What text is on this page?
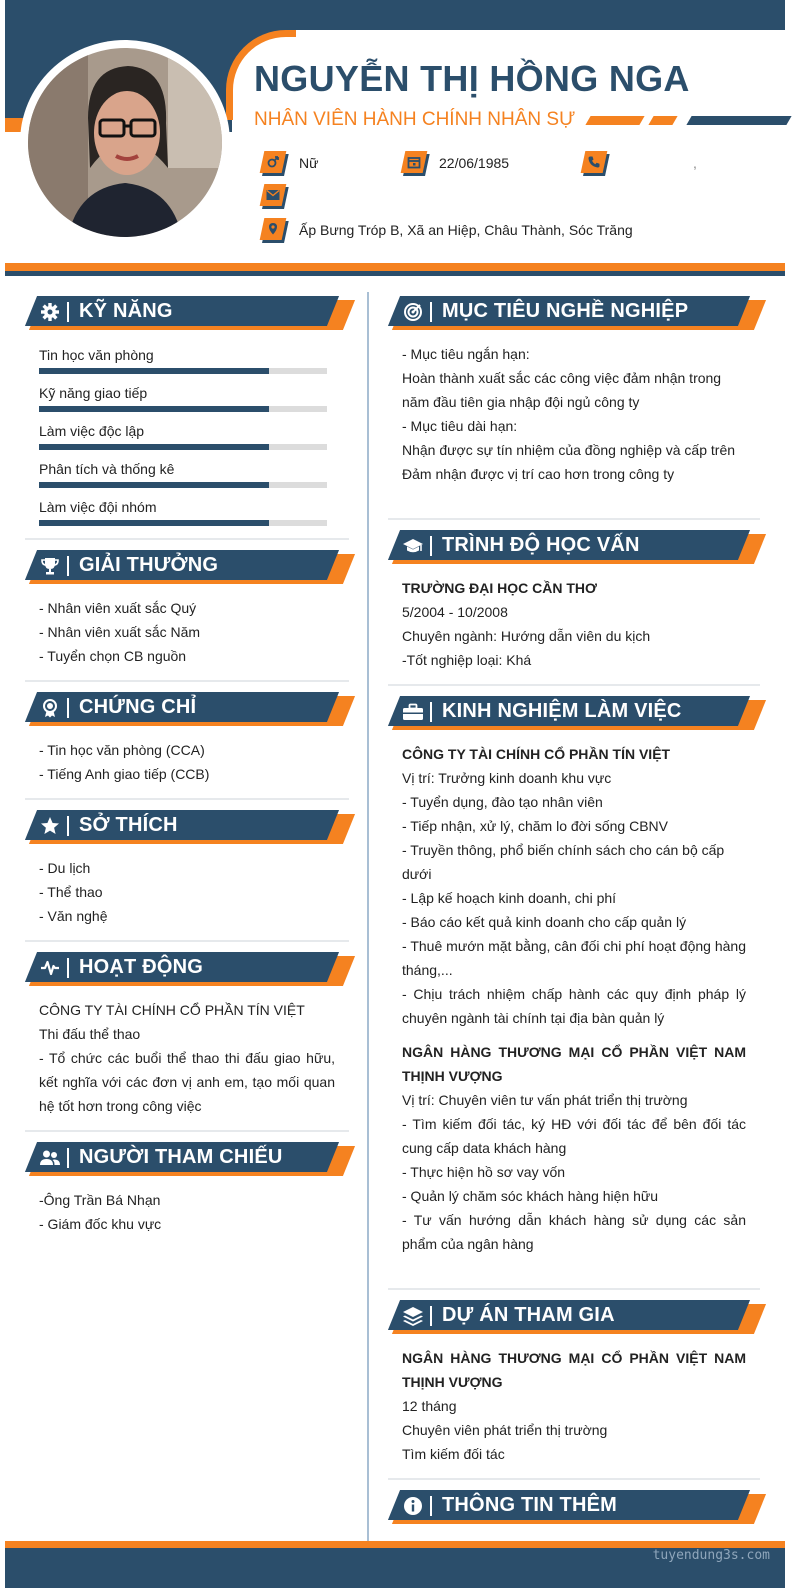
NGUYỄN THỊ HỒNG NGA
NHÂN VIÊN HÀNH CHÍNH NHÂN SỰ
Nữ	22/06/1985	,
Ấp Bưng Tróp B, Xã an Hiệp, Châu Thành, Sóc Trăng
KỸ NĂNG
Tin học văn phòng
Kỹ năng giao tiếp
Làm việc độc lập
Phân tích và thống kê
Làm việc đội nhóm
GIẢI THƯỞNG

- Nhân viên xuất sắc Quý

- Nhân viên xuất sắc Năm

- Tuyển chọn CB nguồn

CHỨNG CHỈ

- Tin học văn phòng (CCA)

- Tiếng Anh giao tiếp (CCB)

SỞ THÍCH

- Du lịch

- Thể thao

- Văn nghệ

HOẠT ĐỘNG

CÔNG TY TÀI CHÍNH CỔ PHẦN TÍN VIỆT

Thi đấu thể thao

- Tổ chức các buổi thể thao thi đấu giao hữu, kết nghĩa với các đơn vị anh em, tạo mối quan hệ tốt hơn trong công việc

NGƯỜI THAM CHIẾU

-Ông Trần Bá Nhạn

- Giám đốc khu vực

MỤC TIÊU NGHỀ NGHIỆP

- Mục tiêu ngắn hạn:

Hoàn thành xuất sắc các công việc đảm nhận trong năm đầu tiên gia nhập đội ngủ công ty

- Mục tiêu dài hạn:

Nhận được sự tín nhiệm của đồng nghiệp và cấp trên

Đảm nhận được vị trí cao hơn trong công ty

TRÌNH ĐỘ HỌC VẤN

TRƯỜNG ĐẠI HỌC CẦN THƠ

5/2004 - 10/2008

Chuyên ngành: Hướng dẫn viên du kịch

-Tốt nghiệp loại: Khá

KINH NGHIỆM LÀM VIỆC

CÔNG TY TÀI CHÍNH CỔ PHẦN TÍN VIỆT

Vị trí: Trưởng kinh doanh khu vực

- Tuyển dụng, đào tạo nhân viên

- Tiếp nhận, xử lý, chăm lo đời sống CBNV

- Truyền thông, phổ biến chính sách cho cán bộ cấp dưới

- Lập kế hoạch kinh doanh, chi phí

- Báo cáo kết quả kinh doanh cho cấp quản lý

- Thuê mướn mặt bằng, cân đối chi phí hoạt động hàng tháng,...

- Chịu trách nhiệm chấp hành các quy định pháp lý chuyên ngành tài chính tại địa bàn quản lý

NGÂN HÀNG THƯƠNG MẠI CỔ PHẦN VIỆT NAM THỊNH VƯỢNG

Vị trí: Chuyên viên tư vấn phát triển thị trường

- Tìm kiếm đối tác, ký HĐ với đối tác để bên đối tác cung cấp data khách hàng

- Thực hiện hồ sơ vay vốn

- Quản lý chăm sóc khách hàng hiện hữu

- Tư vấn hướng dẫn khách hàng sử dụng các sản phẩm của ngân hàng

DỰ ÁN THAM GIA

NGÂN HÀNG THƯƠNG MẠI CỔ PHẦN VIỆT NAM THỊNH VƯỢNG

12 tháng

Chuyên viên phát triển thị trường

Tìm kiếm đối tác

THÔNG TIN THÊM

tuyendung3s.com
